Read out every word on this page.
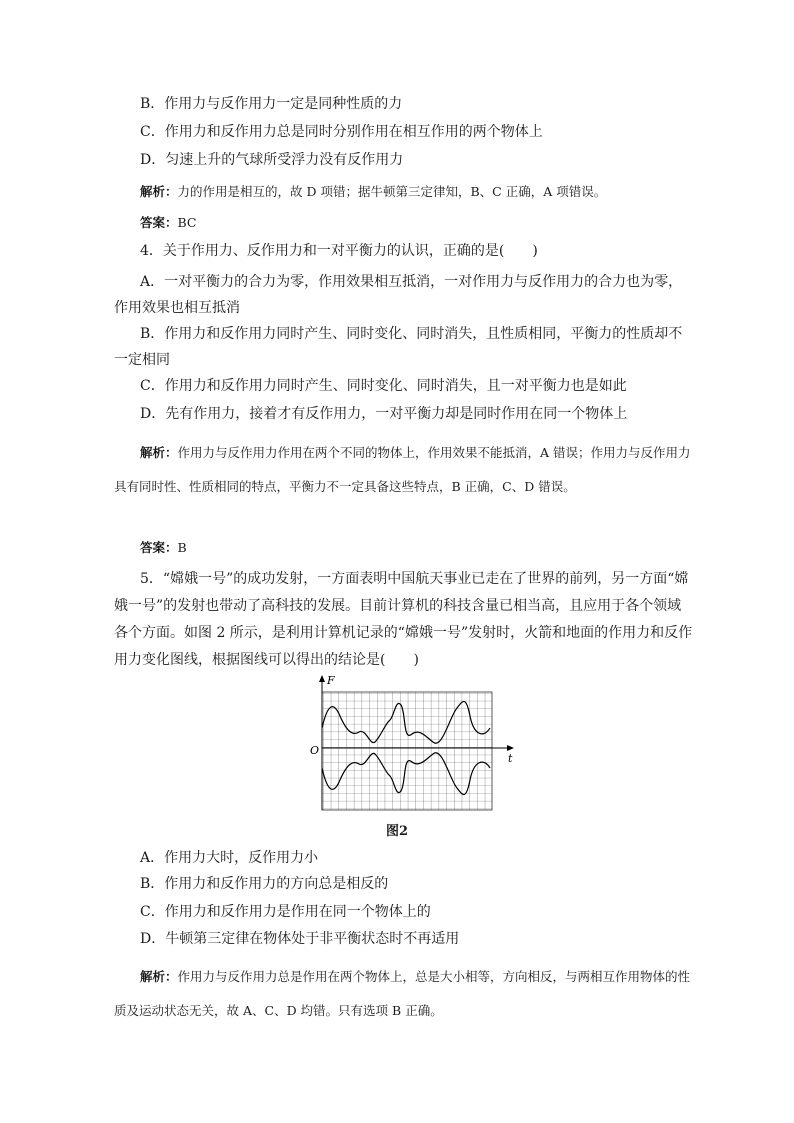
B．作用力与反作用力一定是同种性质的力

C．作用力和反作用力总是同时分别作用在相互作用的两个物体上

D．匀速上升的气球所受浮力没有反作用力

解析：力的作用是相互的，故 D 项错；据牛顿第三定律知，B、C 正确，A 项错误。

答案：BC

4．关于作用力、反作用力和一对平衡力的认识，正确的是(　　)

A．一对平衡力的合力为零，作用效果相互抵消，一对作用力与反作用力的合力也为零，作用效果也相互抵消

B．作用力和反作用力同时产生、同时变化、同时消失，且性质相同，平衡力的性质却不一定相同

C．作用力和反作用力同时产生、同时变化、同时消失，且一对平衡力也是如此

D．先有作用力，接着才有反作用力，一对平衡力却是同时作用在同一个物体上

解析：作用力与反作用力作用在两个不同的物体上，作用效果不能抵消，A 错误；作用力与反作用力具有同时性、性质相同的特点，平衡力不一定具备这些特点，B 正确，C、D 错误。

答案：B

5．“嫦娥一号”的成功发射，一方面表明中国航天事业已走在了世界的前列，另一方面“嫦娥一号”的发射也带动了高科技的发展。目前计算机的科技含量已相当高，且应用于各个领域各个方面。如图 2 所示，是利用计算机记录的“嫦娥一号”发射时，火箭和地面的作用力和反作用力变化图线，根据图线可以得出的结论是(　　)

F
t
O
图2

A．作用力大时，反作用力小

B．作用力和反作用力的方向总是相反的

C．作用力和反作用力是作用在同一个物体上的

D．牛顿第三定律在物体处于非平衡状态时不再适用

解析：作用力与反作用力总是作用在两个物体上，总是大小相等，方向相反，与两相互作用物体的性质及运动状态无关，故 A、C、D 均错。只有选项 B 正确。
